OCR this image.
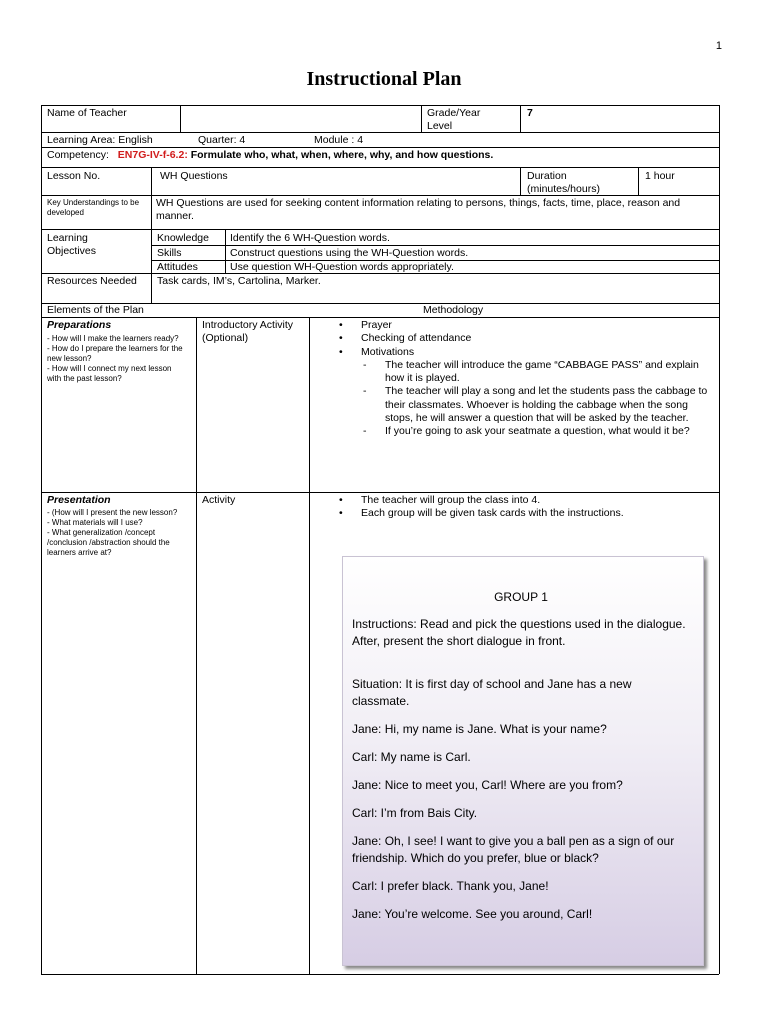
1
Instructional Plan
Name of Teacher	Grade/Year Level
7
Learning Area: English	Quarter: 4	Module : 4
Competency: EN7G-IV-f-6.2: Formulate who, what, when, where, why, and how questions.
Lesson No.	WH Questions	Duration (minutes/hours)
1 hour
Key Understandings to be developed
WH Questions are used for seeking content information relating to persons, things, facts, time, place, reason and manner.
Learning Objectives
Knowledge Identify the 6 WH-Question words.
Skills	Construct questions using the WH-Question words.
Attitudes	Use question WH-Question words appropriately.
Resources Needed Task cards, IM’s, Cartolina, Marker.
Elements of the Plan	Methodology
Preparations
- How will I make the learners ready?
- How do I prepare the learners for the new lesson?
- How will I connect my next lesson with the past lesson?
Introductory Activity (Optional)
• Prayer
• Checking of attendance
• Motivations
- The teacher will introduce the game “CABBAGE PASS” and explain how it is played.
- The teacher will play a song and let the students pass the cabbage to their classmates. Whoever is holding the cabbage when the song stops, he will answer a question that will be asked by the teacher.
- If you’re going to ask your seatmate a question, what would it be?
Presentation
- (How will I present the new lesson?
- What materials will I use?
- What generalization /concept /conclusion /abstraction should the learners arrive at?
Activity
•	The teacher will group the class into 4.
• Each group will be given task cards with the instructions.

GROUP 1

Instructions: Read and pick the questions used in the dialogue. After, present the short dialogue in front.

Situation: It is first day of school and Jane has a new classmate.

Jane: Hi, my name is Jane. What is your name?

Carl: My name is Carl.

Jane: Nice to meet you, Carl! Where are you from?

Carl: I’m from Bais City.

Jane: Oh, I see! I want to give you a ball pen as a sign of our friendship. Which do you prefer, blue or black?

Carl: I prefer black. Thank you, Jane!

Jane: You’re welcome. See you around, Carl!
